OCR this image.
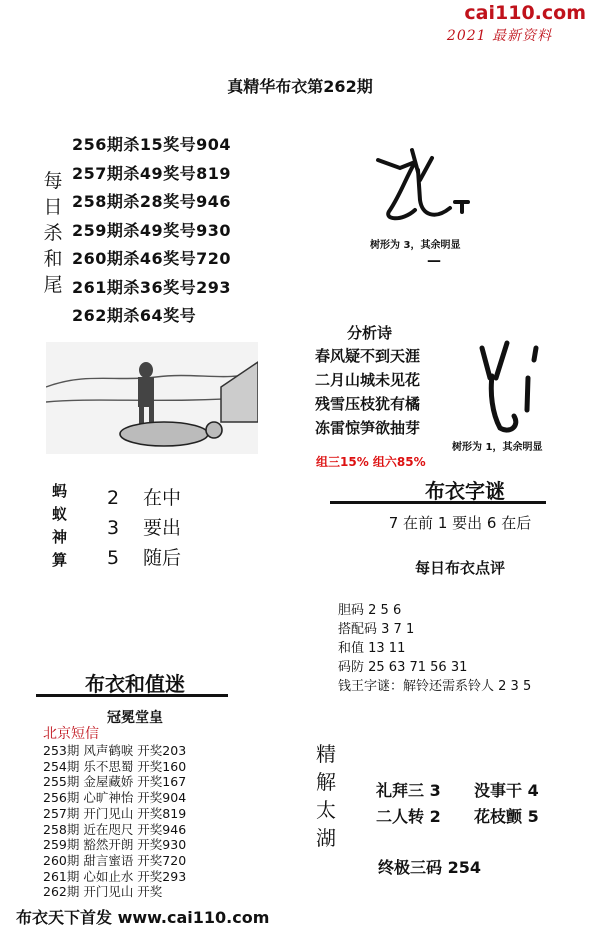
cai110.com
2021 最新资料
真精华布衣第262期
每
日
杀
和
尾
256期杀15奖号904
257期杀49奖号819
258期杀28奖号946
259期杀49奖号930
260期杀46奖号720
261期杀36奖号293
262期杀64奖号
树形为 3，其余明显
—
分析诗
春风疑不到天涯
二月山城未见花
残雪压枝犹有橘
冻雷惊笋欲抽芽
树形为 1，其余明显
组三15% 组六85%
布衣字谜
7 在前 1 要出 6 在后
每日布衣点评
胆码 2 5 6
搭配码 3 7 1
和值 13 11
码防 25 63 71 56 31
钱王字谜：解铃还需系铃人 2 3 5
蚂
蚁
神
算
2 在中
3 要出
5 随后
布衣和值迷
冠冕堂皇
北京短信
253期 风声鹤唳 开奖203
254期 乐不思蜀 开奖160
255期 金屋藏娇 开奖167
256期 心旷神怡 开奖904
257期 开门见山 开奖819
258期 近在咫尺 开奖946
259期 豁然开朗 开奖930
260期 甜言蜜语 开奖720
261期 心如止水 开奖293
262期 开门见山 开奖
精
解
太
湖
礼拜三 3 没事干 4
二人转 2 花枝颤 5
终极三码 254
布衣天下首发 www.cai110.com
